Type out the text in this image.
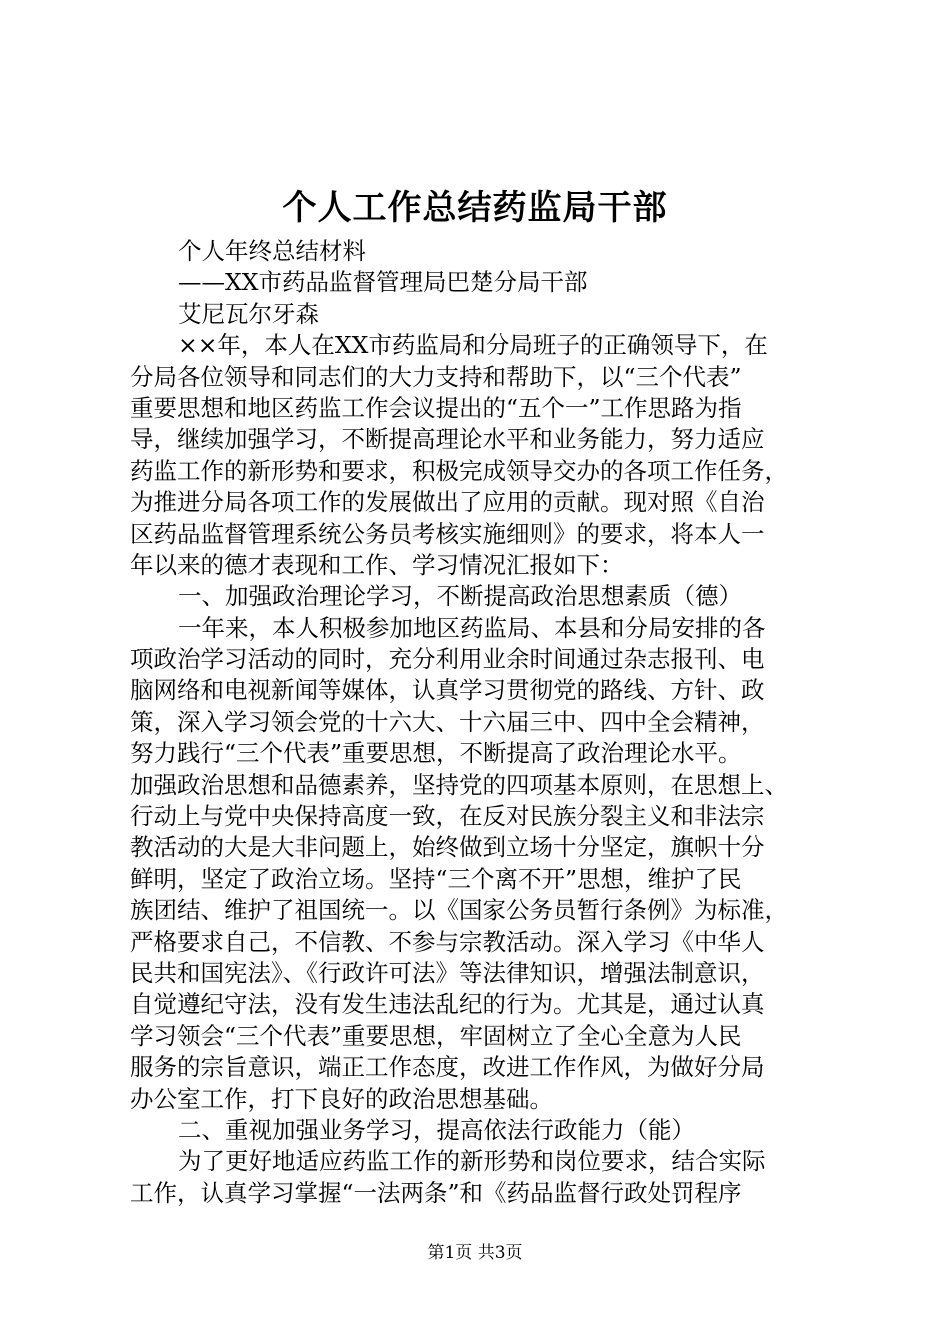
个人工作总结药监局干部
个人年终总结材料
——XX市药品监督管理局巴楚分局干部
艾尼瓦尔牙森
××年，本人在XX市药监局和分局班子的正确领导下，在
分局各位领导和同志们的大力支持和帮助下，以“三个代表”
重要思想和地区药监工作会议提出的“五个一”工作思路为指
导，继续加强学习，不断提高理论水平和业务能力，努力适应
药监工作的新形势和要求，积极完成领导交办的各项工作任务，
为推进分局各项工作的发展做出了应用的贡献。现对照《自治
区药品监督管理系统公务员考核实施细则》的要求，将本人一
年以来的德才表现和工作、学习情况汇报如下：
一、加强政治理论学习，不断提高政治思想素质（德）
一年来，本人积极参加地区药监局、本县和分局安排的各
项政治学习活动的同时，充分利用业余时间通过杂志报刊、电
脑网络和电视新闻等媒体，认真学习贯彻党的路线、方针、政
策，深入学习领会党的十六大、十六届三中、四中全会精神，
努力践行“三个代表”重要思想，不断提高了政治理论水平。
加强政治思想和品德素养，坚持党的四项基本原则，在思想上、
行动上与党中央保持高度一致，在反对民族分裂主义和非法宗
教活动的大是大非问题上，始终做到立场十分坚定，旗帜十分
鲜明，坚定了政治立场。坚持“三个离不开”思想，维护了民
族团结、维护了祖国统一。以《国家公务员暂行条例》为标准，
严格要求自己，不信教、不参与宗教活动。深入学习《中华人
民共和国宪法》、《行政许可法》等法律知识，增强法制意识，
自觉遵纪守法，没有发生违法乱纪的行为。尤其是，通过认真
学习领会“三个代表”重要思想，牢固树立了全心全意为人民
服务的宗旨意识，端正工作态度，改进工作作风，为做好分局
办公室工作，打下良好的政治思想基础。
二、重视加强业务学习，提高依法行政能力（能）
为了更好地适应药监工作的新形势和岗位要求，结合实际
工作，认真学习掌握“一法两条”和《药品监督行政处罚程序
第1页 共3页
